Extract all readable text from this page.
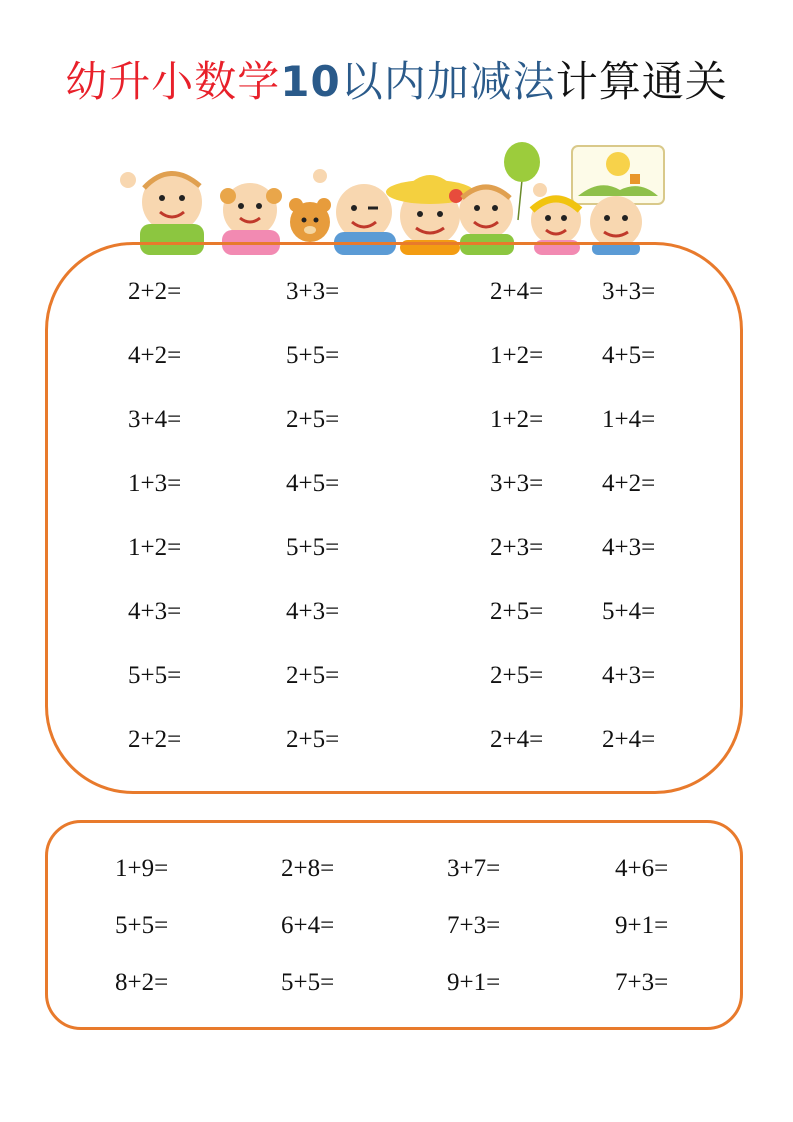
幼升小数学10以内加减法计算通关
2+2=	3+3=	2+4= 3+3=
4+2=	5+5=	1+2= 4+5=
3+4=	2+5=	1+2= 1+4=
1+3=	4+5=	3+3= 4+2=
1+2=	5+5=	2+3= 4+3=
4+3=	4+3=	2+5= 5+4=
5+5=	2+5=	2+5= 4+3=
2+2=	2+5=	2+4= 2+4=
1+9=	2+8=	3+7=	4+6=
5+5=	6+4=	7+3=	9+1=
8+2=	5+5=	9+1=	7+3=
